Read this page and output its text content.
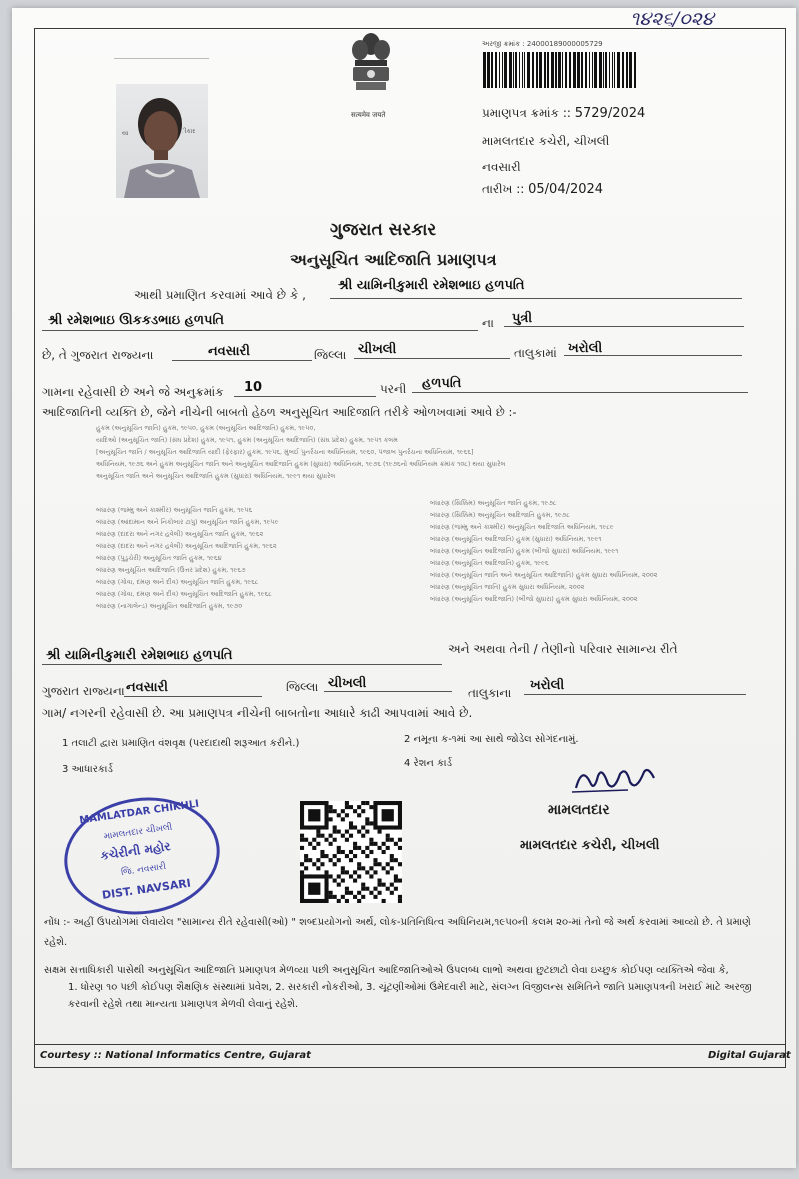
૧૪૨૬/૦૨૪
सत्यमेव जयते
અરજી ક્રમાંક : 24000189000005729
પ્રમાણપત્ર ક્રમાંક :: 5729/2024
મામલતદાર કચેરી, ચીખલી
નવસારી
તારીખ :: 05/04/2024
યા	ીકાર
ગુજરાત સરકાર
અનુસૂચિત આદિજાતિ પ્રમાણપત્ર
આથી પ્રમાણિત કરવામાં આવે છે કે ,
શ્રી યામિનીકુમારી રમેશભાઇ હળપતિ
શ્રી રમેશભાઇ ઊકકડભાઇ હળપતિ	ના પુત્રી
છે, તે ગુજરાત રાજ્યના	નવસારી	જિલ્લા ચીખલી	તાલુકામાં ખરોલી
ગામના રહેવાસી છે અને જે અનુક્રમાંક 10	પરની હળપતિ
આદિજાતિની વ્યક્તિ છે, જેને નીચેની બાબતો હેઠળ અનુસૂચિત આદિજાતિ તરીકે ઓળખવામાં આવે છે :-
હુકમ (અનુસૂચિત જાતિ) હુકમ, ૧૯૫૦, હુકમ (અનુસૂચિત આદિજાતિ) હુકમ, ૧૯૫૦,
યાદિઓ (અનુસૂચિત જાતિ) (સંઘ પ્રદેશ) હુકમ, ૧૯૫૧, હુકમ (અનુસૂચિત આદિજાતિ) (સંઘ પ્રદેશ) હુકમ, ૧૯૫૧ કલમ
[અનુસૂચિત જાતિ / અનુસૂચિત આદિજાતિ યાદી (ફેરફાર) હુકમ, ૧૯૫૬, મુંબઈ પુનર્રચના અધિનિયમ, ૧૯૬૦, પંજાબ પુનર્રચના અધિનિયમ, ૧૯૬૬]
અધિનિયમ, ૧૯૭૬ અને હુકમ અનુસૂચિત જાતિ અને અનુસૂચિત આદિજાતિ હુકમ (સુધારા) અધિનિયમ, ૧૯૭૬ (૧૯૭૬નો અધિનિયમ ક્રમાંક ૧૦૮) થયા સુધારેલ
અનુસૂચિત જાતિ અને અનુસૂચિત આદિજાતિ હુકમ (સુધારા) અધિનિયમ, ૧૯૯૧ થયા સુધારેલ
બંધારણ (જમ્મુ અને કાશ્મીર) અનુસૂચિત જાતિ હુકમ, ૧૯૫૬
બંધારણ (આંદામાન અને નિકોબાર ટાપુ) અનુસૂચિત જાતિ હુકમ, ૧૯૫૯
બંધારણ (દાદરા અને નગર હવેલી) અનુસૂચિત જાતિ હુકમ, ૧૯૬૨
બંધારણ (દાદરા અને નગર હવેલી) અનુસૂચિત આદિજાતિ હુકમ, ૧૯૬૨
બંધારણ (પુડુચેરી) અનુસૂચિત જાતિ હુકમ, ૧૯૬૪
બંધારણ અનુસૂચિત આદિજાતિ (ઉત્તર પ્રદેશ) હુકમ, ૧૯૬૭
બંધારણ (ગોવા, દમણ અને દીવ) અનુસૂચિત જાતિ હુકમ, ૧૯૬૮
બંધારણ (ગોવા, દમણ અને દીવ) અનુસૂચિત આદિજાતિ હુકમ, ૧૯૬૮
બંધારણ (નાગાલેન્ડ) અનુસૂચિત આદિજાતિ હુકમ, ૧૯૭૦
બંધારણ (સિક્કિમ) અનુસૂચિત જાતિ હુકમ, ૧૯૭૮
બંધારણ (સિક્કિમ) અનુસૂચિત આદિજાતિ હુકમ, ૧૯૭૮
બંધારણ (જમ્મુ અને કાશ્મીર) અનુસૂચિત આદિજાતિ અધિનિયમ, ૧૯૮૯
બંધારણ (અનુસૂચિત આદિજાતિ) હુકમ (સુધારા) અધિનિયમ, ૧૯૯૧
બંધારણ (અનુસૂચિત આદિજાતિ) હુકમ (બીજો સુધારા) અધિનિયમ, ૧૯૯૧
બંધારણ (અનુસૂચિત આદિજાતિ) હુકમ, ૧૯૯૬
બંધારણ (અનુસૂચિત જાતિ અને અનુસૂચિત આદિજાતિ) હુકમ સુધારા અધિનિયમ, ૨૦૦૨
બંધારણ (અનુસૂચિત જાતિ) હુકમ સુધારા અધિનિયમ, ૨૦૦૨
બંધારણ (અનુસૂચિત આદિજાતિ) (બીજો સુધારા) હુકમ સુધારા અધિનિયમ, ૨૦૦૨
શ્રી યામિનીકુમારી રમેશભાઇ હળપતિ	અને અથવા તેની / તેણીનો પરિવાર સામાન્ય રીતે
ગુજરાત રાજ્યના નવસારી	જિલ્લા ચીખલી
તાલુકાના ખરોલી
ગામ/ નગરની રહેવાસી છે. આ પ્રમાણપત્ર નીચેની બાબતોના આધારે કાઢી આપવામાં આવે છે.
1 તલાટી દ્વારા પ્રમાણિત વંશવૃક્ષ (પરદાદાથી શરૂઆત કરીને.)	2 નમૂના ક-૧માં આ સાથે જોડેલ સોગંદનામું.
3 આધારકાર્ડ
4 રેશન કાર્ડ
મામલતદાર
મામલતદાર કચેરી, ચીખલી
MAMLATDAR CHIKHLI
મામલતદાર ચીખલી
કચેરીની મહોર
જિ. નવસારી
DIST. NAVSARI
નોંધ :- અહીં ઉપયોગમાં લેવાયેલ "સામાન્ય રીતે રહેવાસી(ઓ) " શબ્દપ્રયોગનો અર્થ, લોક-પ્રતિનિધિત્વ અધિનિયમ,૧૯૫૦ની કલમ ૨૦-માં તેનો જે અર્થ કરવામાં આવ્યો છે. તે પ્રમાણે રહેશે.
સક્ષમ સત્તાધિકારી પાસેથી અનુસૂચિત આદિજાતિ પ્રમાણપત્ર મેળવ્યા પછી અનુસૂચિત આદિજાતિઓએ ઉપલબ્ધ લાભો અથવા છુટછાટો લેવા ઇચ્છુક કોઈપણ વ્યક્તિએ જેવા કે,
1. ધોરણ ૧૦ પછી કોઈપણ શૈક્ષણિક સંસ્થામાં પ્રવેશ, 2. સરકારી નોકરીઓ, 3. ચૂંટણીઓમાં ઉમેદવારી માટે, સંલગ્ન વિજીલન્સ સમિતિને જાતિ પ્રમાણપત્રની ખરાઈ માટે અરજી કરવાની રહેશે તથા માન્યતા પ્રમાણપત્ર મેળવી લેવાનું રહેશે.
Courtesy :: National Informatics Centre, Gujarat	Digital Gujarat
